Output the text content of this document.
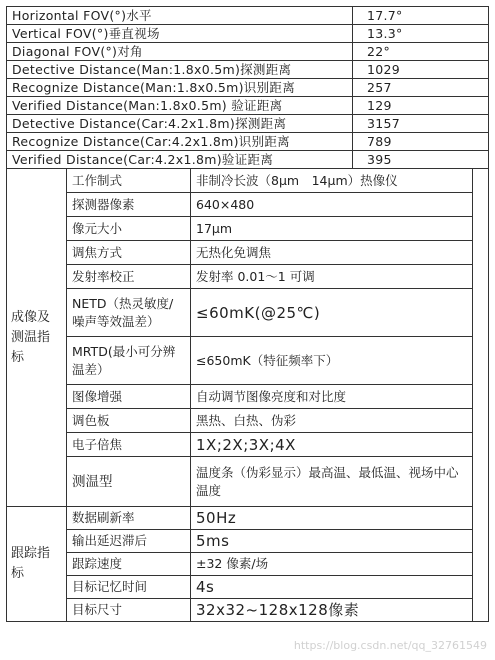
Horizontal FOV(°)水平	17.7°
Vertical FOV(°)垂直视场	13.3°
Diagonal FOV(°)对角	22°
Detective Distance(Man:1.8x0.5m)探测距离	1029
Recognize Distance(Man:1.8x0.5m)识别距离	257
Verified Distance(Man:1.8x0.5m) 验证距离	129
Detective Distance(Car:4.2x1.8m)探测距离	3157
Recognize Distance(Car:4.2x1.8m)识别距离	789
Verified Distance(Car:4.2x1.8m)验证距离	395
成像及测温指标	工作制式	非制冷长波（8μm　14μm）热像仪	
	探测器像素	640×480	
	像元大小	17μm	
	调焦方式	无热化免调焦	
	发射率校正	发射率 0.01～1 可调	
	NETD（热灵敏度/噪声等效温差）	≤60mK(@25℃)	
	MRTD(最小可分辨温差）	≤650mK（特征频率下）	
	图像增强	自动调节图像亮度和对比度	
	调色板	黑热、白热、伪彩	
	电子倍焦	1X;2X;3X;4X	
	测温型	温度条（伪彩显示）最高温、最低温、视场中心温度	
跟踪指标	数据刷新率	50Hz	
	输出延迟滞后	5ms	
	跟踪速度	±32 像素/场	
	目标记忆时间	4s	
	目标尺寸	32x32~128x128像素	
https://blog.csdn.net/qq_32761549
